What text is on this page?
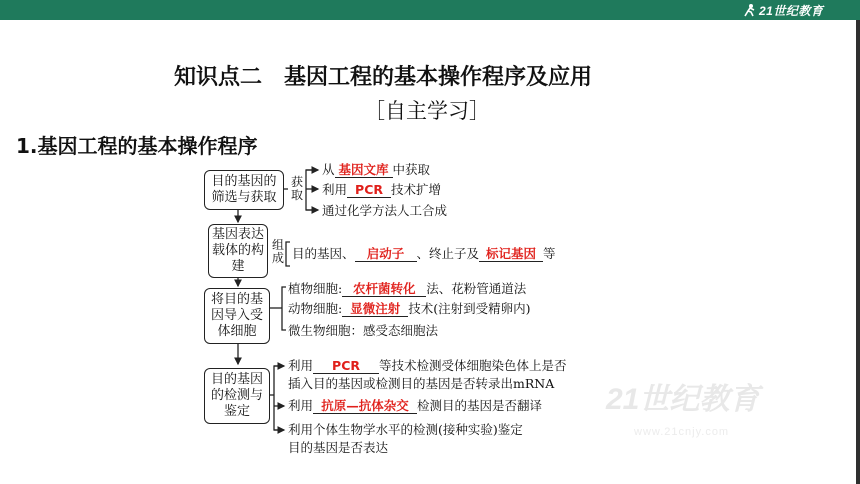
21世纪教育
知识点二　基因工程的基本操作程序及应用
［自主学习］
1.基因工程的基本操作程序
21世纪教育
www.21cnjy.com
目的基因的筛选与获取
基因表达载体的构建
将目的基因导入受体细胞
目的基因的检测与鉴定
获取
组成
从 基因文库 中获取
利用 PCR 技术扩增
通过化学方法人工合成
目的基因、 启动子 、终止子及 标记基因 等
植物细胞: 农杆菌转化 法、花粉管通道法
动物细胞: 显微注射 技术(注射到受精卵内)
微生物细胞：感受态细胞法
利用 PCR 等技术检测受体细胞染色体上是否
插入目的基因或检测目的基因是否转录出mRNA
利用 抗原—抗体杂交 检测目的基因是否翻译
利用个体生物学水平的检测(接种实验)鉴定
目的基因是否表达
